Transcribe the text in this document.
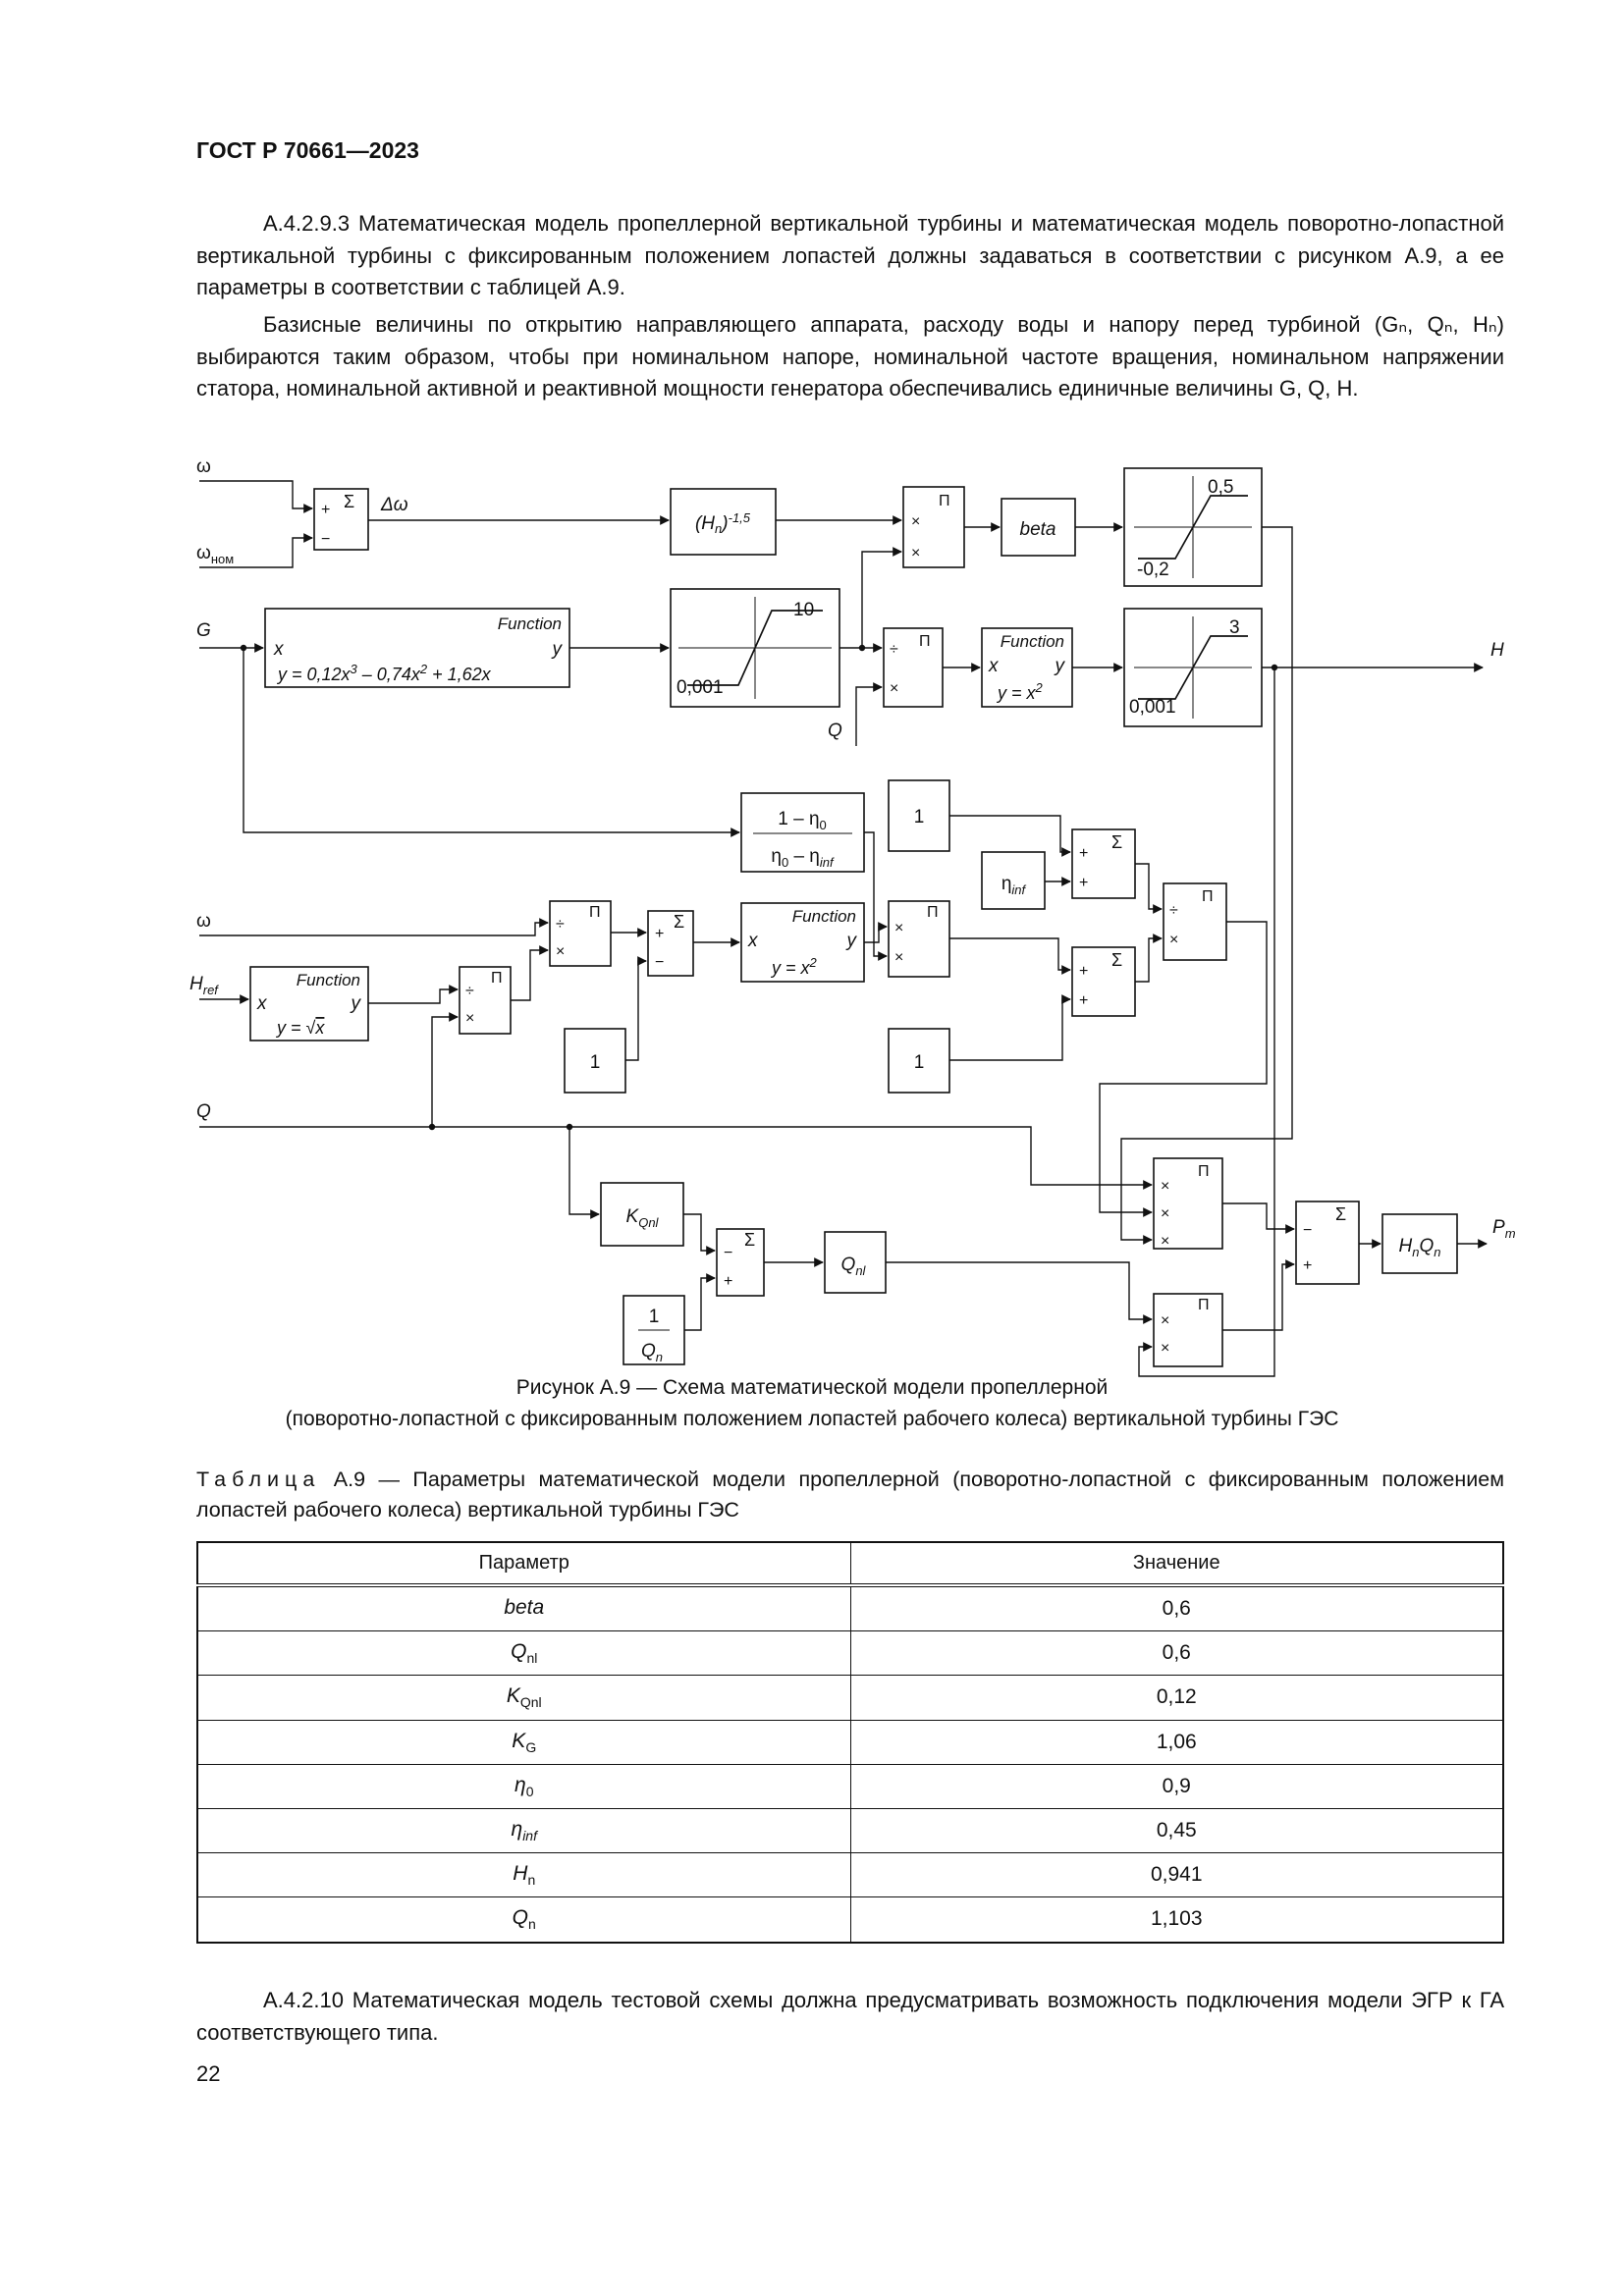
ГОСТ Р 70661—2023
А.4.2.9.3 Математическая модель пропеллерной вертикальной турбины и математическая модель поворотно-лопастной вертикальной турбины с фиксированным положением лопастей должны задаваться в соответствии с рисунком А.9, а ее параметры в соответствии с таблицей А.9.
Базисные величины по открытию направляющего аппарата, расходу воды и напору перед турбиной (Gₙ, Qₙ, Hₙ) выбираются таким образом, чтобы при номинальном напоре, номинальной частоте вращения, номинальном напряжении статора, номинальной активной и реактивной мощности генератора обеспечивались единичные величины G, Q, H.
ω
$\omega_{ном}$
+
−
Σ Δω
$(H_n)^{-1,5}$	×
×
Π
beta
0,5
-0,2
G	Function
x	y
$y = 0,12x^3 - 0,74x^2 + 1,62x$
10
0,001
÷
×
Π
Q
Function
x	y
$y = x^2$
3
0,001
H
$1 - \eta_0$
$\eta_0 - \eta_{inf}$
1
$\eta_{inf}$
+
+
Σ
+
+
Σ
÷
×
Π
ω	÷
×
Π
+
−
Σ	Function
x	y
$y = x^2$
×
×
Π
1	1
$H_{ref}$
Function
x	y
y = √x
÷
×
Π
Q
$K_{Qnl}$
−
+
Σ
1
$Q_n$
$Q_{nl}$
×
×
×
Π
×
×
Π
−
+
Σ
$H_nQ_n$
$P_m$
Рисунок А.9 — Схема математической модели пропеллерной
(поворотно-лопастной с фиксированным положением лопастей рабочего колеса) вертикальной турбины ГЭС
Таблица А.9 — Параметры математической модели пропеллерной (поворотно-лопастной с фиксированным положением лопастей рабочего колеса) вертикальной турбины ГЭС
Параметр	Значение
beta	0,6
$Q_{nl}$	0,6
$K_{Qnl}$	0,12
$K_G$	1,06
$\eta_0$	0,9
$\eta_{inf}$	0,45
$H_n$	0,941
$Q_n$	1,103
А.4.2.10 Математическая модель тестовой схемы должна предусматривать возможность подключения модели ЭГР к ГА соответствующего типа.
22
